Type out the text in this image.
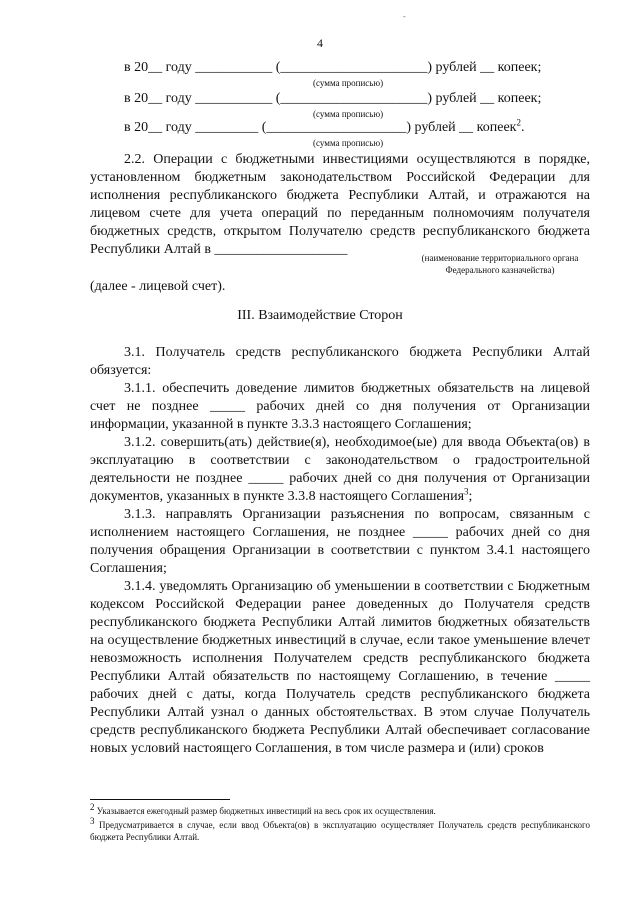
-
4
в 20__ году ___________ (_____________________) рублей __ копеек;
(сумма прописью)
в 20__ году ___________ (_____________________) рублей __ копеек;
(сумма прописью)
в 20__ году _________ (____________________) рублей __ копеек$^2$.
(сумма прописью)

2.2. Операции с бюджетными инвестициями осуществляются в порядке, установленном бюджетным законодательством Российской Федерации для исполнения республиканского бюджета Республики Алтай, и отражаются на лицевом счете для учета операций по переданным полномочиям получателя бюджетных средств, открытом Получателю средств республиканского бюджета Республики Алтай в ___________________

(наименование территориального органа
Федерального казначейства)
(далее - лицевой счет).
III. Взаимодействие Сторон

3.1. Получатель средств республиканского бюджета Республики Алтай обязуется:

3.1.1. обеспечить доведение лимитов бюджетных обязательств на лицевой счет не позднее _____ рабочих дней со дня получения от Организации информации, указанной в пункте 3.3.3 настоящего Соглашения;

3.1.2. совершить(ать) действие(я), необходимое(ые) для ввода Объекта(ов) в эксплуатацию в соответствии с законодательством о градостроительной деятельности не позднее _____ рабочих дней со дня получения от Организации документов, указанных в пункте 3.3.8 настоящего Соглашения$^3$;

3.1.3. направлять Организации разъяснения по вопросам, связанным с исполнением настоящего Соглашения, не позднее _____ рабочих дней со дня получения обращения Организации в соответствии с пунктом 3.4.1 настоящего Соглашения;

3.1.4. уведомлять Организацию об уменьшении в соответствии с Бюджетным кодексом Российской Федерации ранее доведенных до Получателя средств республиканского бюджета Республики Алтай лимитов бюджетных обязательств на осуществление бюджетных инвестиций в случае, если такое уменьшение влечет невозможность исполнения Получателем средств республиканского бюджета Республики Алтай обязательств по настоящему Соглашению, в течение _____ рабочих дней с даты, когда Получатель средств республиканского бюджета Республики Алтай узнал о данных обстоятельствах. В этом случае Получатель средств республиканского бюджета Республики Алтай обеспечивает согласование новых условий настоящего Соглашения, в том числе размера и (или) сроков

$^2$ Указывается ежегодный размер бюджетных инвестиций на весь срок их осуществления.
$^3$ Предусматривается в случае, если ввод Объекта(ов) в эксплуатацию осуществляет Получатель средств республиканского бюджета Республики Алтай.
